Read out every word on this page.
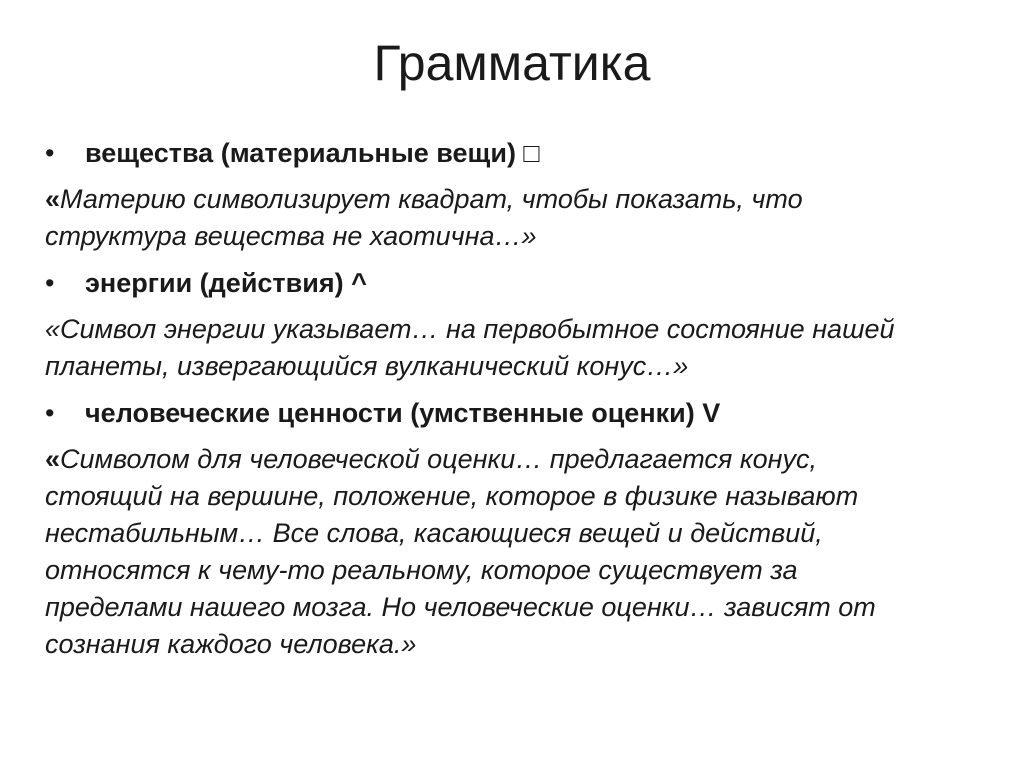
Грамматика
•	вещества (материальные вещи) □
«Материю символизирует квадрат, чтобы показать, что
структура вещества не хаотична…»
•	энергии (действия) ^
«Символ энергии указывает… на первобытное состояние нашей
планеты, извергающийся вулканический конус…»
•	человеческие ценности (умственные оценки) V
«Символом для человеческой оценки… предлагается конус,
стоящий на вершине, положение, которое в физике называют
нестабильным… Все слова, касающиеся вещей и действий,
относятся к чему-то реальному, которое существует за
пределами нашего мозга. Но человеческие оценки… зависят от
сознания каждого человека.»
